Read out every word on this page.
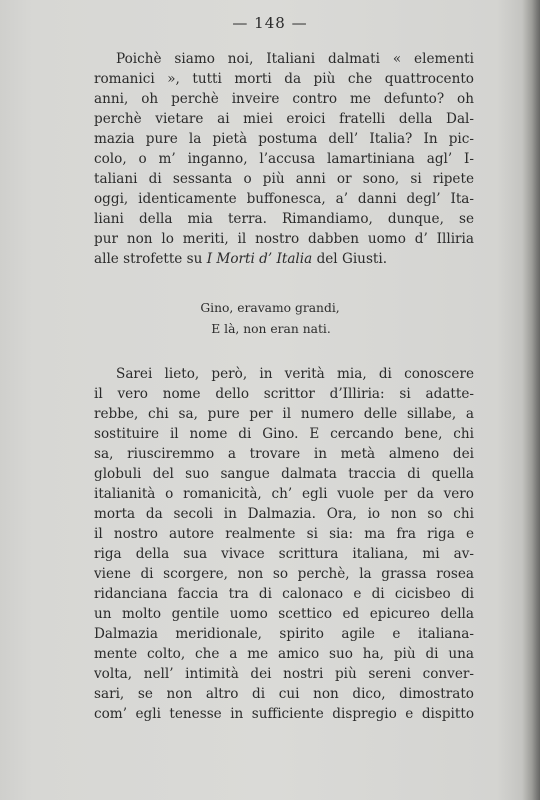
— 148 —
Poichè siamo noi, Italiani dalmati « elementi
romanici », tutti morti da più che quattrocento
anni, oh perchè inveire contro me defunto? oh
perchè vietare ai miei eroici fratelli della Dal-
mazia pure la pietà postuma dell’ Italia? In pic-
colo, o m’ inganno, l’accusa lamartiniana agl’ I-
taliani di sessanta o più anni or sono, si ripete
oggi, identicamente buffonesca, a’ danni degl’ Ita-
liani della mia terra. Rimandiamo, dunque, se
pur non lo meriti, il nostro dabben uomo d’ Illiria
alle strofette su I Morti d’ Italia del Giusti.
Gino, eravamo grandi,
E là, non eran nati.
Sarei lieto, però, in verità mia, di conoscere
il vero nome dello scrittor d’Illiria: si adatte-
rebbe, chi sa, pure per il numero delle sillabe, a
sostituire il nome di Gino. E cercando bene, chi
sa, riusciremmo a trovare in metà almeno dei
globuli del suo sangue dalmata traccia di quella
italianità o romanicità, ch’ egli vuole per da vero
morta da secoli in Dalmazia. Ora, io non so chi
il nostro autore realmente si sia: ma fra riga e
riga della sua vivace scrittura italiana, mi av-
viene di scorgere, non so perchè, la grassa rosea
ridanciana faccia tra di calonaco e di cicisbeo di
un molto gentile uomo scettico ed epicureo della
Dalmazia meridionale, spirito agile e italiana-
mente colto, che a me amico suo ha, più di una
volta, nell’ intimità dei nostri più sereni conver-
sari, se non altro di cui non dico, dimostrato
com’ egli tenesse in sufficiente dispregio e dispitto
